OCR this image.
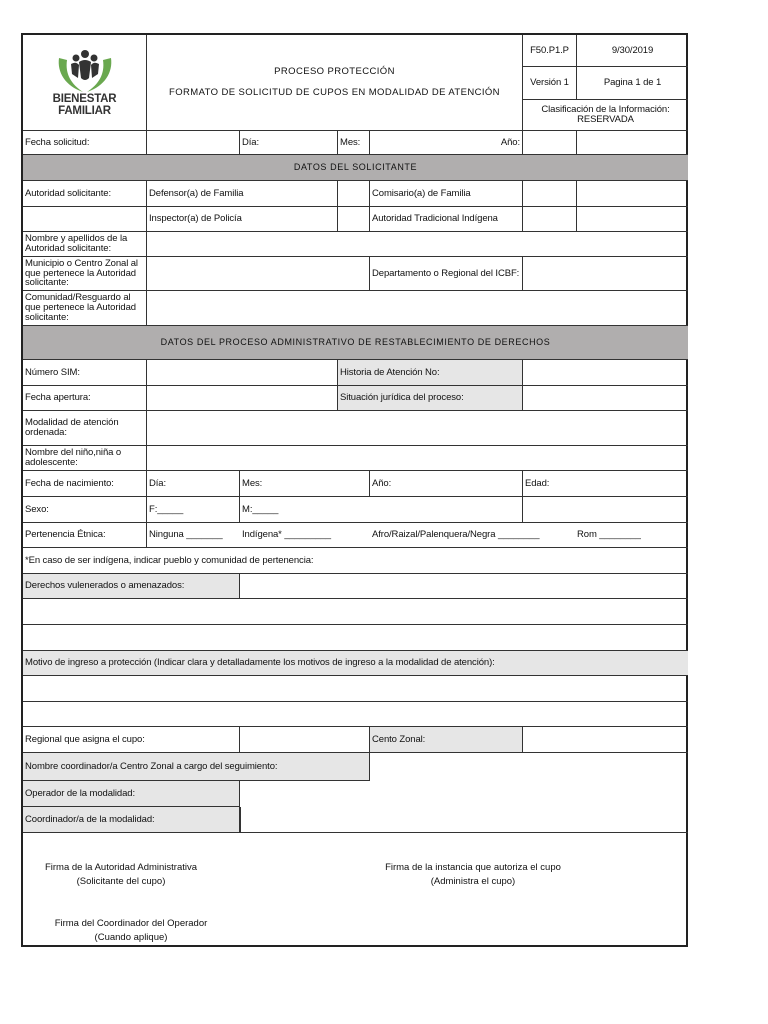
BIENESTAR
FAMILIAR
PROCESO PROTECCIÓN
FORMATO DE SOLICITUD DE CUPOS EN MODALIDAD DE ATENCIÓN
F50.P1.P	9/30/2019
Versión 1	Pagina 1 de 1
Clasificación de la Información:
RESERVADA
Fecha solicitud:	Día:	Mes:	Año:
DATOS DEL SOLICITANTE
Autoridad solicitante:	Defensor(a) de Familia	Comisario(a) de Familia
Inspector(a) de Policía	Autoridad Tradicional Indígena
Nombre y apellidos de la Autoridad solicitante:
Municipio o Centro Zonal al que pertenece la Autoridad solicitante:
Departamento o Regional del ICBF:
Comunidad/Resguardo al que pertenece la Autoridad solicitante:
DATOS DEL PROCESO ADMINISTRATIVO DE RESTABLECIMIENTO DE DERECHOS
Número SIM:	Historia de Atención No:
Fecha apertura:	Situación jurídica del proceso:
Modalidad de atención ordenada:
Nombre del niño,niña o adolescente:
Fecha de nacimiento:	Día:	Mes:	Año:	Edad:
Sexo:	F:_____	M:_____
Pertenencia Étnica:	Ninguna _______ Indígena* _________	Afro/Raizal/Palenquera/Negra ________	Rom ________
*En caso de ser indígena, indicar pueblo y comunidad de pertenencia:
Derechos vulenerados o amenazados:
Motivo de ingreso a protección (Indicar clara y detalladamente los motivos de ingreso a la modalidad de atención):
Regional que asigna el cupo:	Cento Zonal:
Nombre coordinador/a Centro Zonal a cargo del seguimiento:
Operador de la modalidad:
Coordinador/a de la modalidad:
Firma de la Autoridad Administrativa
(Solicitante del cupo)
Firma de la instancia que autoriza el cupo
(Administra el cupo)
Firma del Coordinador del Operador
(Cuando aplique)
